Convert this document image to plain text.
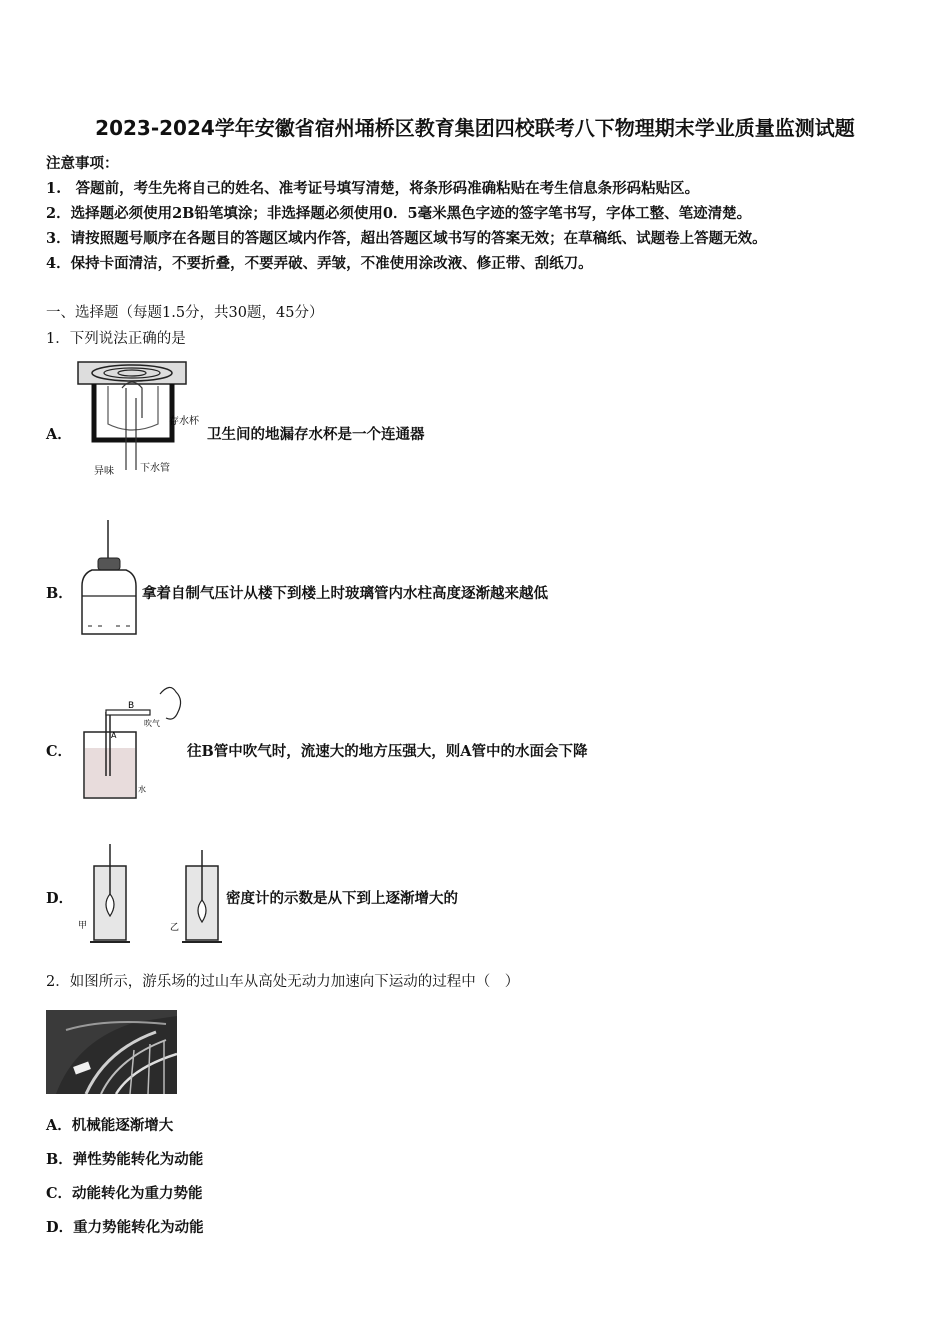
2023-2024学年安徽省宿州埇桥区教育集团四校联考八下物理期末学业质量监测试题
注意事项：
1.　答题前，考生先将自己的姓名、准考证号填写清楚，将条形码准确粘贴在考生信息条形码粘贴区。
2．选择题必须使用2B铅笔填涂；非选择题必须使用0．5毫米黑色字迹的签字笔书写，字体工整、笔迹清楚。
3．请按照题号顺序在各题目的答题区域内作答，超出答题区域书写的答案无效；在草稿纸、试题卷上答题无效。
4．保持卡面清洁，不要折叠，不要弄破、弄皱，不准使用涂改液、修正带、刮纸刀。
一、选择题（每题1.5分，共30题，45分）
1．下列说法正确的是
A．
存水杯
异味	下水管
卫生间的地漏存水杯是一个连通器
B．	拿着自制气压计从楼下到楼上时玻璃管内水柱高度逐渐越来越低
C．
B
A
吹气
水
往B管中吹气时，流速大的地方压强大，则A管中的水面会下降
D．
甲	乙
密度计的示数是从下到上逐渐增大的
2．如图所示，游乐场的过山车从高处无动力加速向下运动的过程中（　）
A．机械能逐渐增大
B．弹性势能转化为动能
C．动能转化为重力势能
D．重力势能转化为动能
